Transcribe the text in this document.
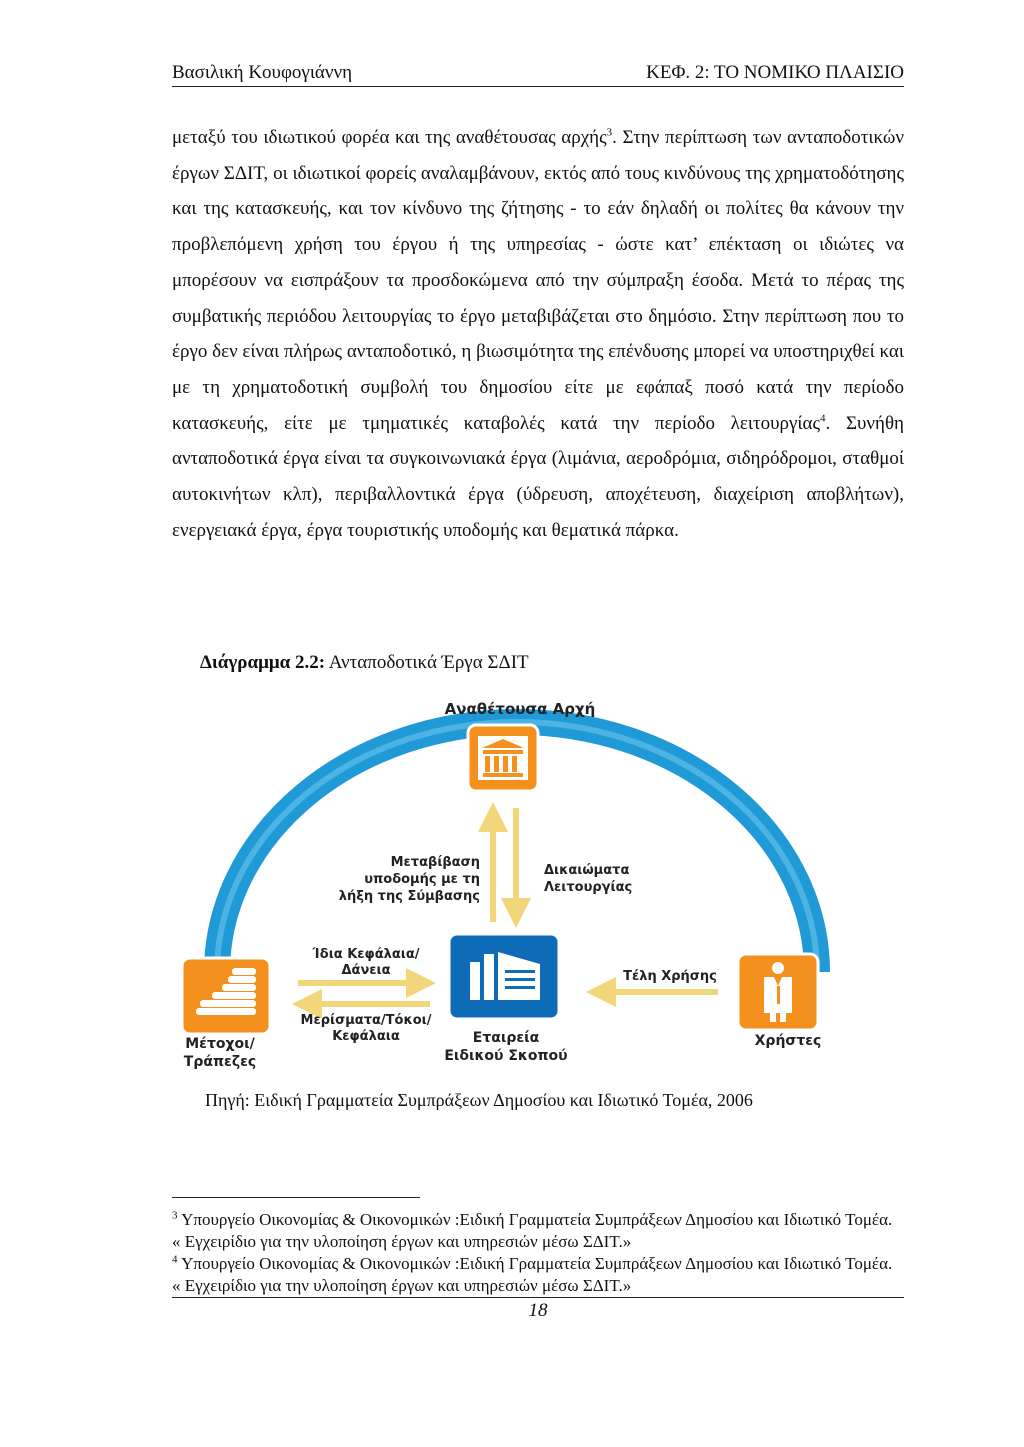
Βασιλική Κουφογιάννη	ΚΕΦ. 2: ΤΟ ΝΟΜΙΚΟ ΠΛΑΙΣΙΟ

μεταξύ του ιδιωτικού φορέα και της αναθέτουσας αρχής$^3$. Στην περίπτωση των ανταποδοτικών έργων ΣΔΙΤ, οι ιδιωτικοί φορείς αναλαμβάνουν, εκτός από τους κινδύνους της χρηματοδότησης και της κατασκευής, και τον κίνδυνο της ζήτησης - το εάν δηλαδή οι πολίτες θα κάνουν την προβλεπόμενη χρήση του έργου ή της υπηρεσίας - ώστε κατ’ επέκταση οι ιδιώτες να μπορέσουν να εισπράξουν τα προσδοκώμενα από την σύμπραξη έσοδα. Μετά το πέρας της συμβατικής περιόδου λειτουργίας το έργο μεταβιβάζεται στο δημόσιο. Στην περίπτωση που το έργο δεν είναι πλήρως ανταποδοτικό, η βιωσιμότητα της επένδυσης μπορεί να υποστηριχθεί και με τη χρηματοδοτική συμβολή του δημοσίου είτε με εφάπαξ ποσό κατά την περίοδο κατασκευής, είτε με τμηματικές καταβολές κατά την περίοδο λειτουργίας$^4$. Συνήθη ανταποδοτικά έργα είναι τα συγκοινωνιακά έργα (λιμάνια, αεροδρόμια, σιδηρόδρομοι, σταθμοί αυτοκινήτων κλπ), περιβαλλοντικά έργα (ύδρευση, αποχέτευση, διαχείριση αποβλήτων), ενεργειακά έργα, έργα τουριστικής υποδομής και θεματικά πάρκα.

Διάγραμμα 2.2: Ανταποδοτικά Έργα ΣΔΙΤ
Αναθέτουσα Αρχή
Μεταβίβαση
υποδομής με τη
λήξη της Σύμβασης
Δικαιώματα
Λειτουργίας
Εταιρεία
Ειδικού Σκοπού
Μέτοχοι/
Τράπεζες
Ίδια Κεφάλαια/
Δάνεια
Μερίσματα/Τόκοι/
Κεφάλαια	Χρήστες
Τέλη Χρήσης
Πηγή: Ειδική Γραμματεία Συμπράξεων Δημοσίου και Ιδιωτικό Τομέα, 2006

$^3$ Υπουργείο Οικονομίας & Οικονομικών :Ειδική Γραμματεία Συμπράξεων Δημοσίου και Ιδιωτικό Τομέα. « Εγχειρίδιο για την υλοποίηση έργων και υπηρεσιών μέσω ΣΔΙΤ.»

$^4$ Υπουργείο Οικονομίας & Οικονομικών :Ειδική Γραμματεία Συμπράξεων Δημοσίου και Ιδιωτικό Τομέα. « Εγχειρίδιο για την υλοποίηση έργων και υπηρεσιών μέσω ΣΔΙΤ.»

18
